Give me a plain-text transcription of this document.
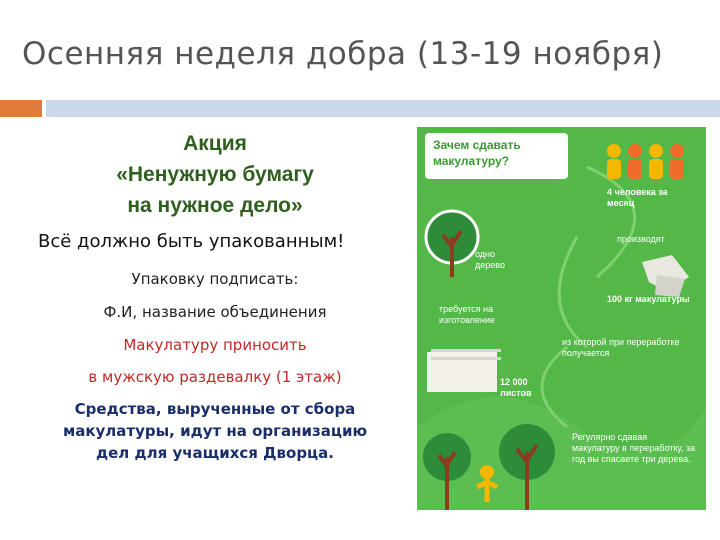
Осенняя неделя добра (13-19 ноября)
Акция
«Ненужную бумагу
на нужное дело»
Всё должно быть упакованным!
Упаковку подписать:
Ф.И, название объединения
Макулатуру приносить
в мужскую раздевалку (1 этаж)
Средства, вырученные от сбора
макулатуры, идут на организацию
дел для учащихся Дворца.
Зачем сдавать макулатуру?
4 человека за месяц
производят
одно дерево
100 кг макулатуры
требуется на изготовление
из которой при переработке получается
12 000 листов
Регулярно сдавая макулатуру в переработку, за год вы спасаете три дерева.
